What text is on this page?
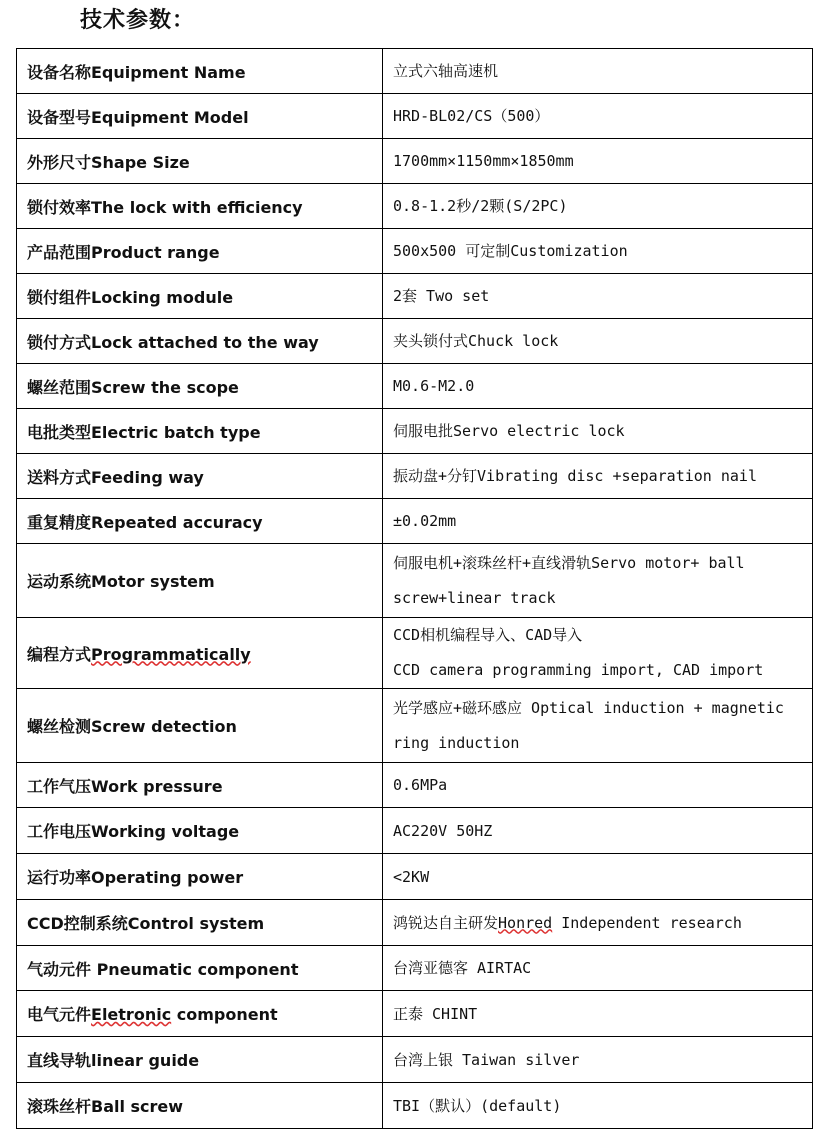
技术参数：
设备名称Equipment Name	立式六轴高速机
设备型号Equipment Model	HRD-BL02/CS（500）
外形尺寸Shape Size	1700mm×1150mm×1850mm
锁付效率The lock with efficiency	0.8-1.2秒/2颗(S/2PC)
产品范围Product range	500x500 可定制Customization
锁付组件Locking module	2套 Two set
锁付方式Lock attached to the way	夹头锁付式Chuck lock
螺丝范围Screw the scope	M0.6-M2.0
电批类型Electric batch type	伺服电批Servo electric lock
送料方式Feeding way	振动盘+分钉Vibrating disc +separation nail
重复精度Repeated accuracy	±0.02mm
运动系统Motor system	伺服电机+滚珠丝杆+直线滑轨Servo motor+ ball screw+linear track
编程方式Programmatically	CCD相机编程导入、CAD导入
CCD camera programming import, CAD import

螺丝检测Screw detection	光学感应+磁环感应 Optical induction + magnetic ring induction
工作气压Work pressure	0.6MPa
工作电压Working voltage	AC220V 50HZ
运行功率Operating power	<2KW
CCD控制系统Control system	鸿锐达自主研发Honred Independent research
气动元件 Pneumatic component	台湾亚德客 AIRTAC
电气元件Eletronic component	正泰 CHINT
直线导轨linear guide	台湾上银 Taiwan silver
滚珠丝杆Ball screw	TBI（默认）(default)
